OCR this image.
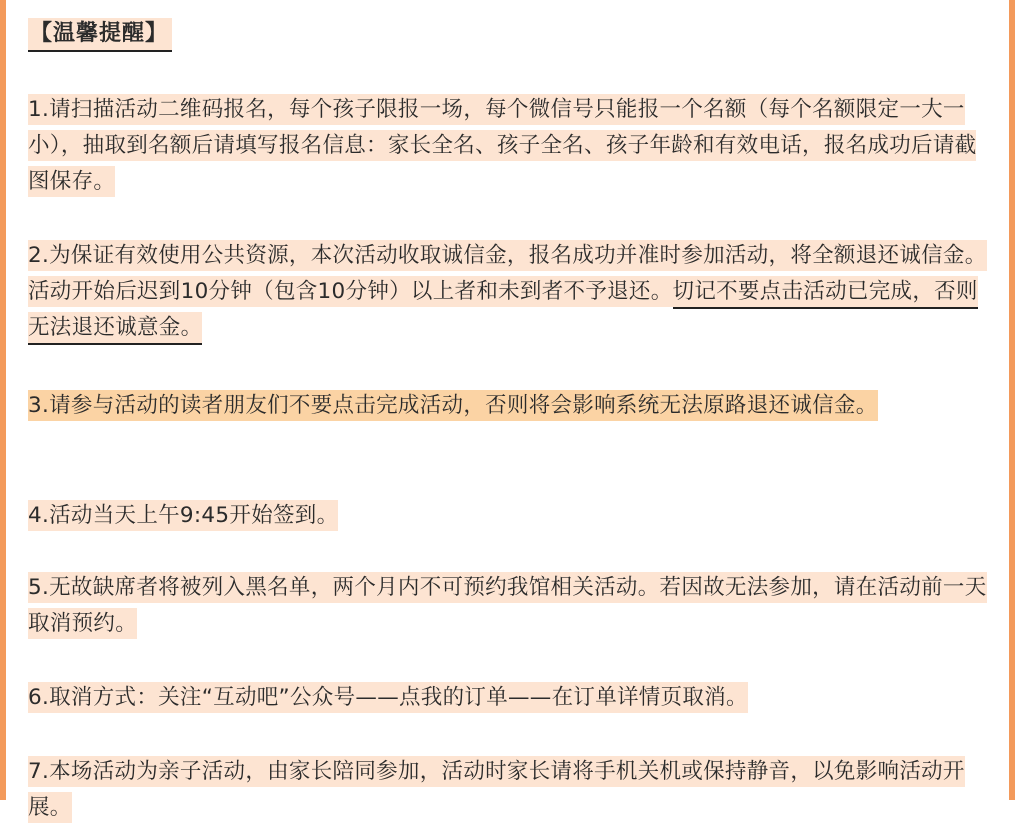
【温馨提醒】
1.请扫描活动二维码报名，每个孩子限报一场，每个微信号只能报一个名额（每个名额限定一大一小），抽取到名额后请填写报名信息：家长全名、孩子全名、孩子年龄和有效电话，报名成功后请截图保存。
2.为保证有效使用公共资源，本次活动收取诚信金，报名成功并准时参加活动，将全额退还诚信金。活动开始后迟到10分钟（包含10分钟）以上者和未到者不予退还。切记不要点击活动已完成，否则无法退还诚意金。
3.请参与活动的读者朋友们不要点击完成活动，否则将会影响系统无法原路退还诚信金。
4.活动当天上午9:45开始签到。
5.无故缺席者将被列入黑名单，两个月内不可预约我馆相关活动。若因故无法参加，请在活动前一天取消预约。
6.取消方式：关注“互动吧”公众号——点我的订单——在订单详情页取消。
7.本场活动为亲子活动，由家长陪同参加，活动时家长请将手机关机或保持静音，以免影响活动开展。
